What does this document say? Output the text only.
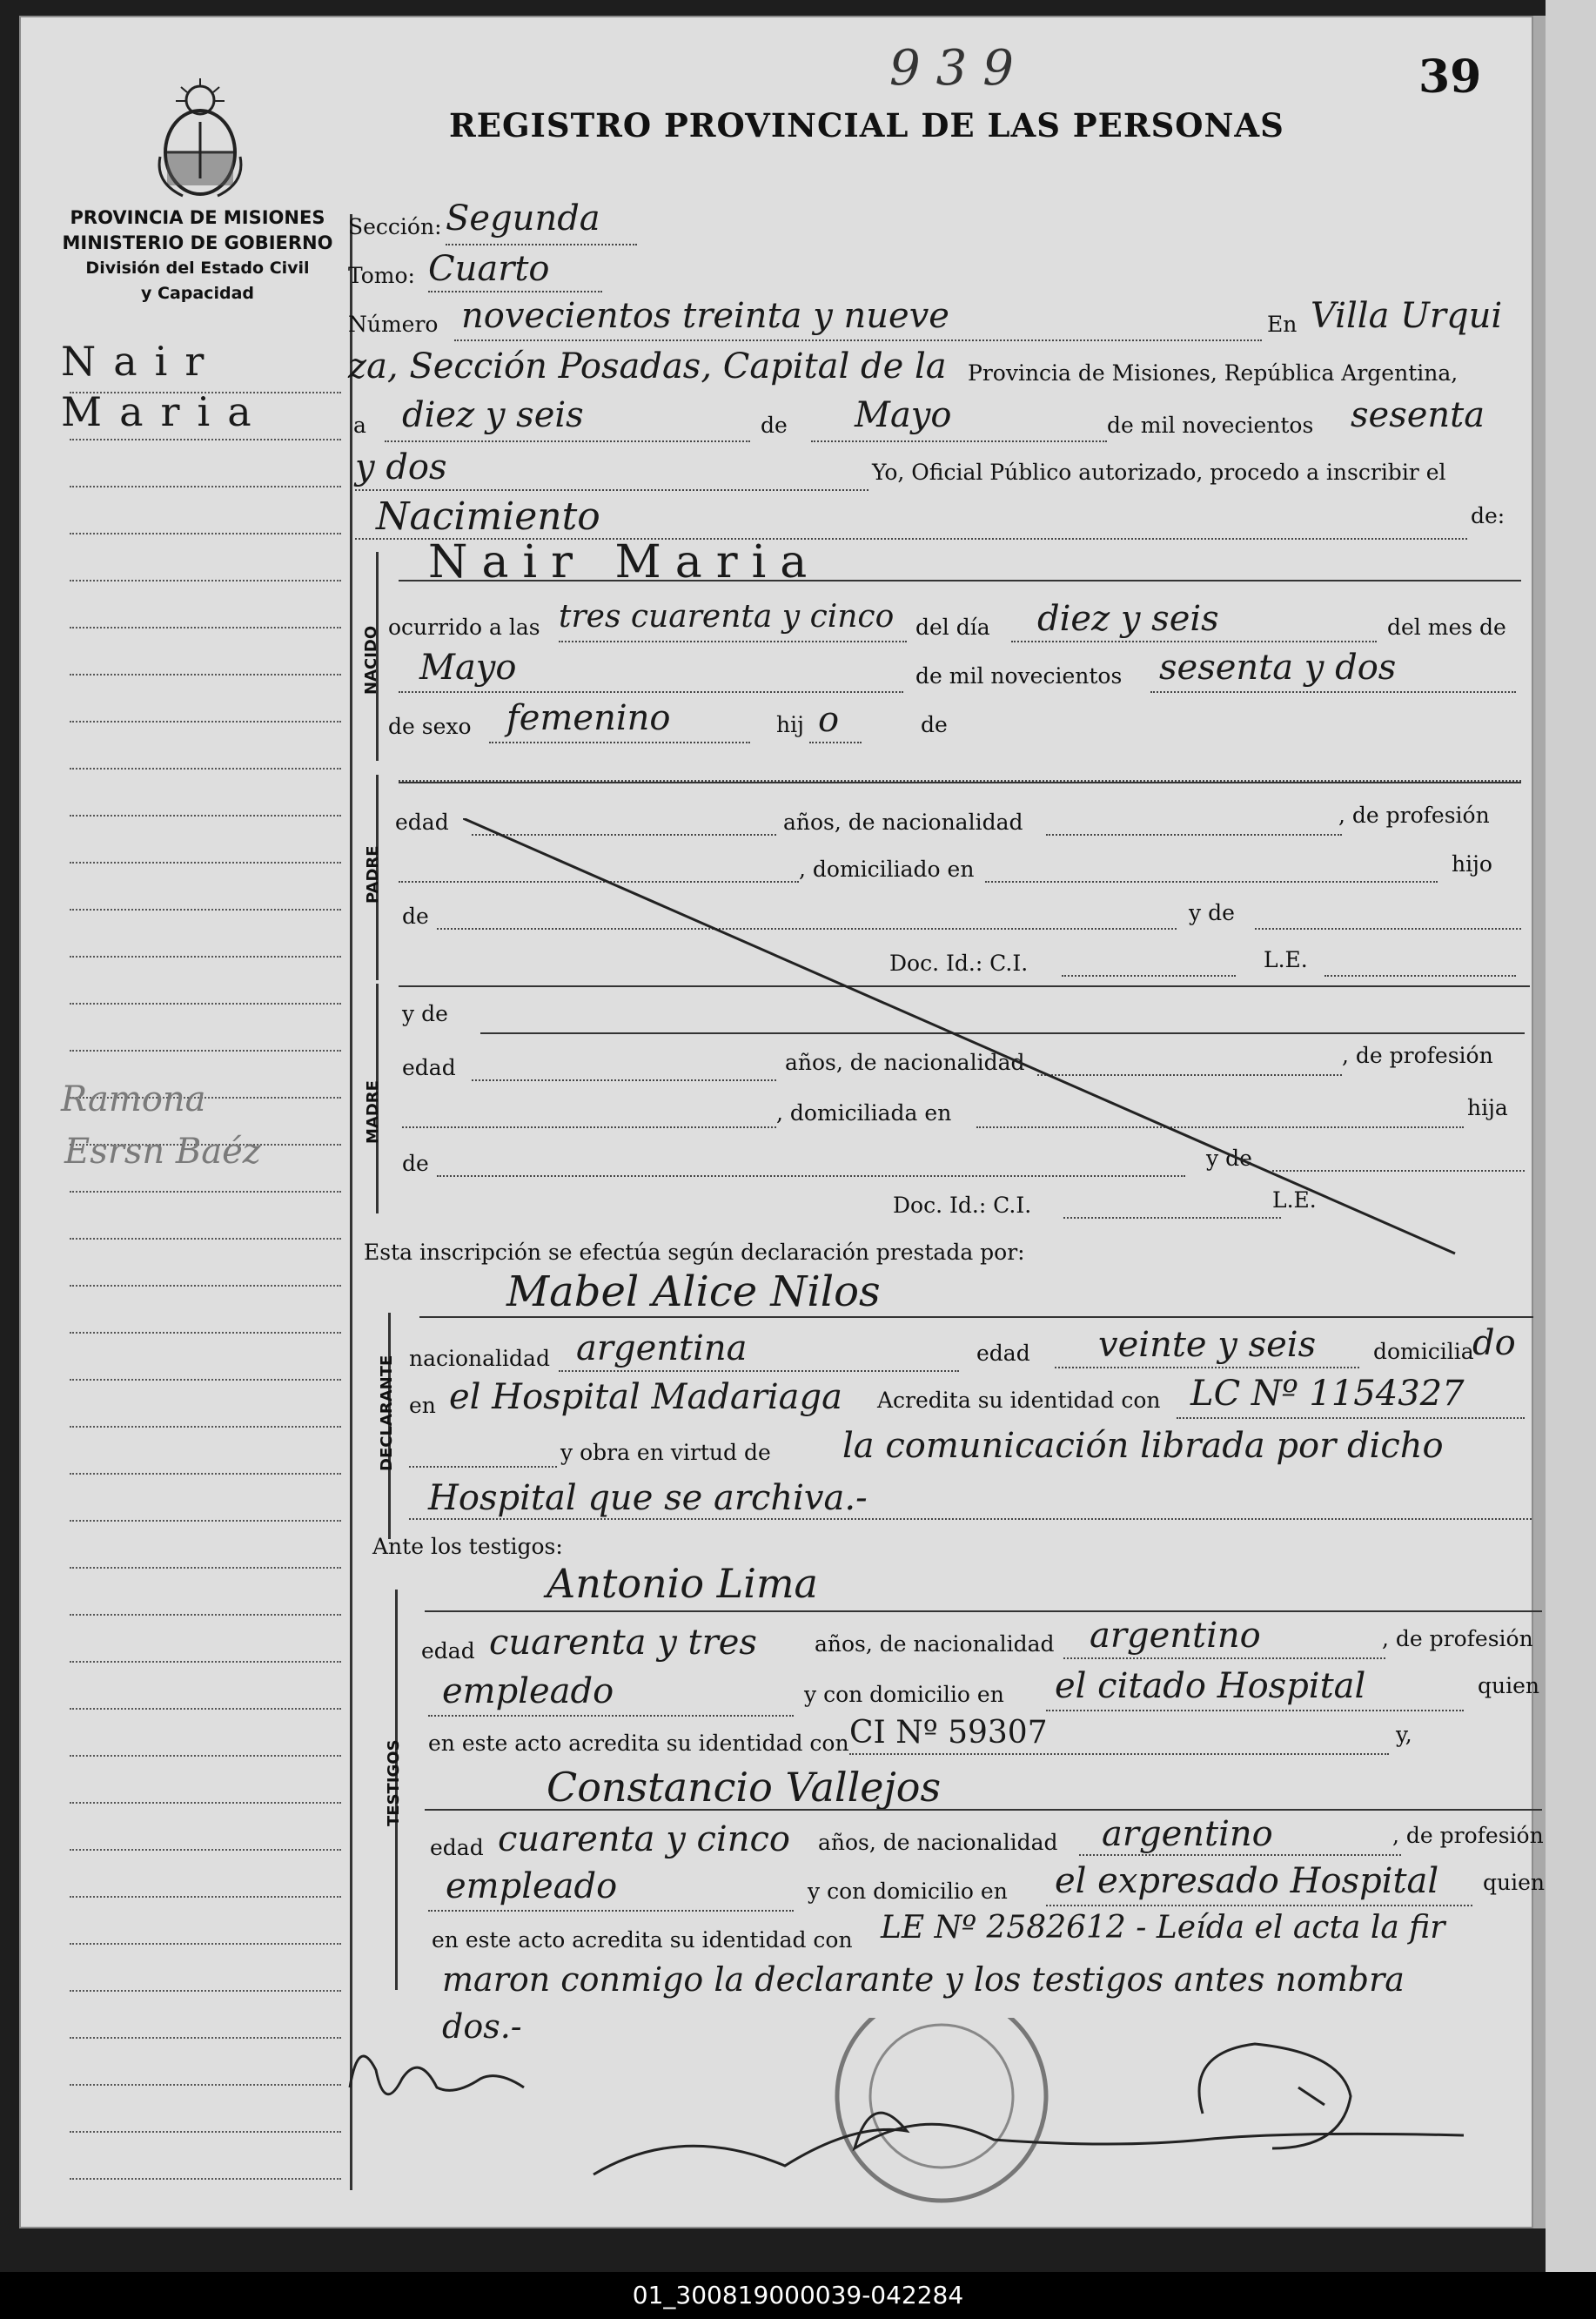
PROVINCIA DE MISIONES
MINISTERIO DE GOBIERNO
División del Estado Civil
y Capacidad
939	39
REGISTRO PROVINCIAL DE LAS PERSONAS
Nair
Maria
Ramona
Esrsn Baéz
Sección: Segunda
Tomo: Cuarto
Número novecientos treinta y nueve	En Villa Urqui
za, Sección Posadas, Capital de la Provincia de Misiones, República Argentina,
a diez y seis	de Mayo	de mil novecientos sesenta
y dos	Yo, Oficial Público autorizado, procedo a inscribir el
Nacimiento	de:
NACIDO
Nair Maria
ocurrido a las tres cuarenta y cinco del día diez y seis	del mes de
Mayo	de mil novecientos sesenta y dos
de sexo femenino	hij o	de
PADRE
edad	años, de nacionalidad	, de profesión
, domiciliado en	hijo
de	y de
Doc. Id.: C.I.	L.E.
MADRE
y de
edad	años, de nacionalidad	, de profesión
, domiciliada en	hija
de	y de
Doc. Id.: C.I.	L.E.
Esta inscripción se efectúa según declaración prestada por:
DECLARANTE
Mabel Alice Nilos
nacionalidad argentina	edad veinte y seis	domicilia
do
en el Hospital Madariaga Acredita su identidad con LC Nº 1154327
y obra en virtud de la comunicación librada por dicho
Hospital que se archiva.-
Ante los testigos:
TESTIGOS
Antonio Lima
edad cuarenta y tres	años, de nacionalidad argentino	, de profesión
empleado	y con domicilio en el citado Hospital	quien
en este acto acredita su identidad con CI Nº 59307	y,
Constancio Vallejos
edad cuarenta y cinco años, de nacionalidad argentino	, de profesión
empleado	y con domicilio en el expresado Hospital quien
en este acto acredita su identidad con LE Nº 2582612 - Leída el acta la fir
maron conmigo la declarante y los testigos antes nombra
dos.-
01_300819000039-042284
